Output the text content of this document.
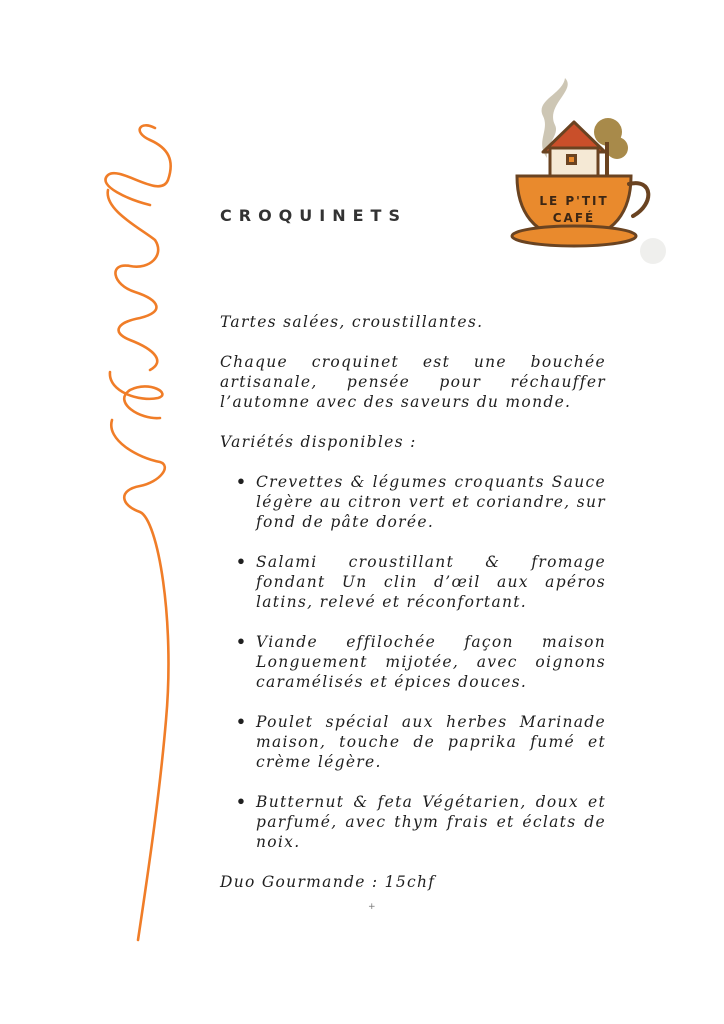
LE P'TIT
CAFÉ
CROQUINETS

Tartes salées, croustillantes.

Chaque croquinet est une bouchée artisanale, pensée pour réchauffer l’automne avec des saveurs du monde.

Variétés disponibles :

• Crevettes & légumes croquants Sauce légère au citron vert et coriandre, sur fond de pâte dorée.
• Salami croustillant & fromage fondant Un clin d’œil aux apéros latins, relevé et réconfortant.
• Viande effilochée façon maison Longuement mijotée, avec oignons caramélisés et épices douces.
• Poulet spécial aux herbes Marinade maison, touche de paprika fumé et crème légère.
• Butternut & feta Végétarien, doux et parfumé, avec thym frais et éclats de noix.

Duo Gourmande : 15chf

+
